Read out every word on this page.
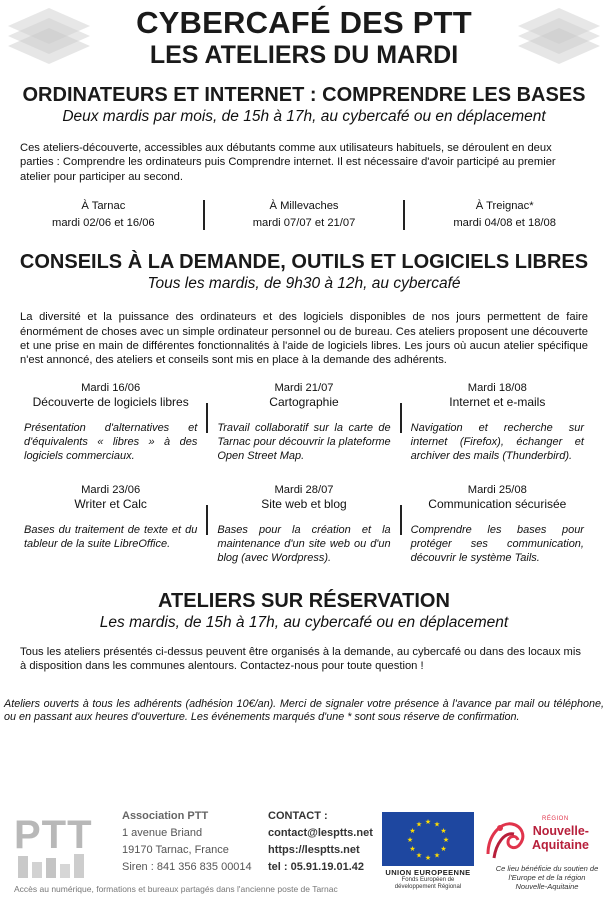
CYBERCAFÉ DES PTT
LES ATELIERS DU MARDI
ORDINATEURS ET INTERNET : COMPRENDRE LES BASES
Deux mardis par mois, de 15h à 17h, au cybercafé ou en déplacement

Ces ateliers-découverte, accessibles aux débutants comme aux utilisateurs habituels, se déroulent en deux parties : Comprendre les ordinateurs puis Comprendre internet. Il est nécessaire d'avoir participé au premier atelier pour participer au second.

À Tarnac
mardi 02/06 et 16/06
À Millevaches
mardi 07/07 et 21/07
À Treignac*
mardi 04/08 et 18/08
CONSEILS À LA DEMANDE, OUTILS ET LOGICIELS LIBRES
Tous les mardis, de 9h30 à 12h, au cybercafé

La diversité et la puissance des ordinateurs et des logiciels disponibles de nos jours permettent de faire énormément de choses avec un simple ordinateur personnel ou de bureau. Ces ateliers proposent une découverte et une prise en main de différentes fonctionnalités à l'aide de logiciels libres. Les jours où aucun atelier spécifique n'est annoncé, des ateliers et conseils sont mis en place à la demande des adhérents.

Mardi 16/06
Découverte de logiciels libres
Présentation d'alternatives et d'équivalents « libres » à des logiciels commerciaux.
Mardi 21/07
Cartographie
Travail collaboratif sur la carte de Tarnac pour découvrir la plateforme Open Street Map.
Mardi 18/08
Internet et e-mails
Navigation et recherche sur internet (Firefox), échanger et archiver des mails (Thunderbird).
Mardi 23/06
Writer et Calc
Bases du traitement de texte et du tableur de la suite LibreOffice.
Mardi 28/07
Site web et blog
Bases pour la création et la maintenance d'un site web ou d'un blog (avec Wordpress).
Mardi 25/08
Communication sécurisée
Comprendre les bases pour protéger ses communication, découvrir le système Tails.
ATELIERS SUR RÉSERVATION
Les mardis, de 15h à 17h, au cybercafé ou en déplacement

Tous les ateliers présentés ci-dessus peuvent être organisés à la demande, au cybercafé ou dans des locaux mis à disposition dans les communes alentours. Contactez-nous pour toute question !

Ateliers ouverts à tous les adhérents (adhésion 10€/an). Merci de signaler votre présence à l'avance par mail ou téléphone, ou en passant aux heures d'ouverture. Les événements marqués d'une * sont sous réserve de confirmation.

PTT	Association PTT
1 avenue Briand
19170 Tarnac, France
Siren : 841 356 835 00014
CONTACT :
contact@lesptts.net
https://lesptts.net
tel : 05.91.19.01.42
★ ★
★
★
★
★
★
★
★
★
★
★
UNION EUROPEENNE
Fonds Européen de
développement Régional
RÉGION
Nouvelle-
Aquitaine
Ce lieu bénéficie du soutien de l'Europe et de la région Nouvelle-Aquitaine
Accès au numérique, formations et bureaux partagés dans l'ancienne poste de Tarnac
